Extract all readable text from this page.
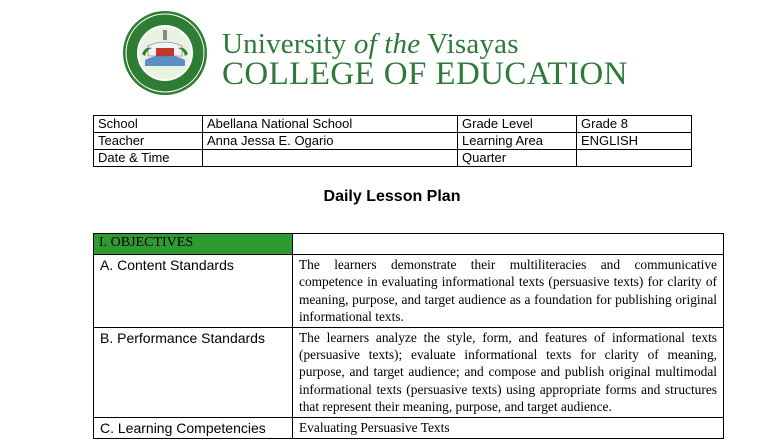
University of the Visayas
COLLEGE OF EDUCATION
School	Abellana National School	Grade Level	Grade 8
Teacher	Anna Jessa E. Ogario	Learning Area	ENGLISH
Date & Time		Quarter	
Daily Lesson Plan
I. OBJECTIVES	
A. Content Standards	The learners demonstrate their multiliteracies and communicative competence in evaluating informational texts (persuasive texts) for clarity of meaning, purpose, and target audience as a foundation for publishing original informational texts.
B. Performance Standards	The learners analyze the style, form, and features of informational texts (persuasive texts); evaluate informational texts for clarity of meaning, purpose, and target audience; and compose and publish original multimodal informational texts (persuasive texts) using appropriate forms and structures that represent their meaning, purpose, and target audience.
C. Learning Competencies	Evaluating Persuasive Texts
